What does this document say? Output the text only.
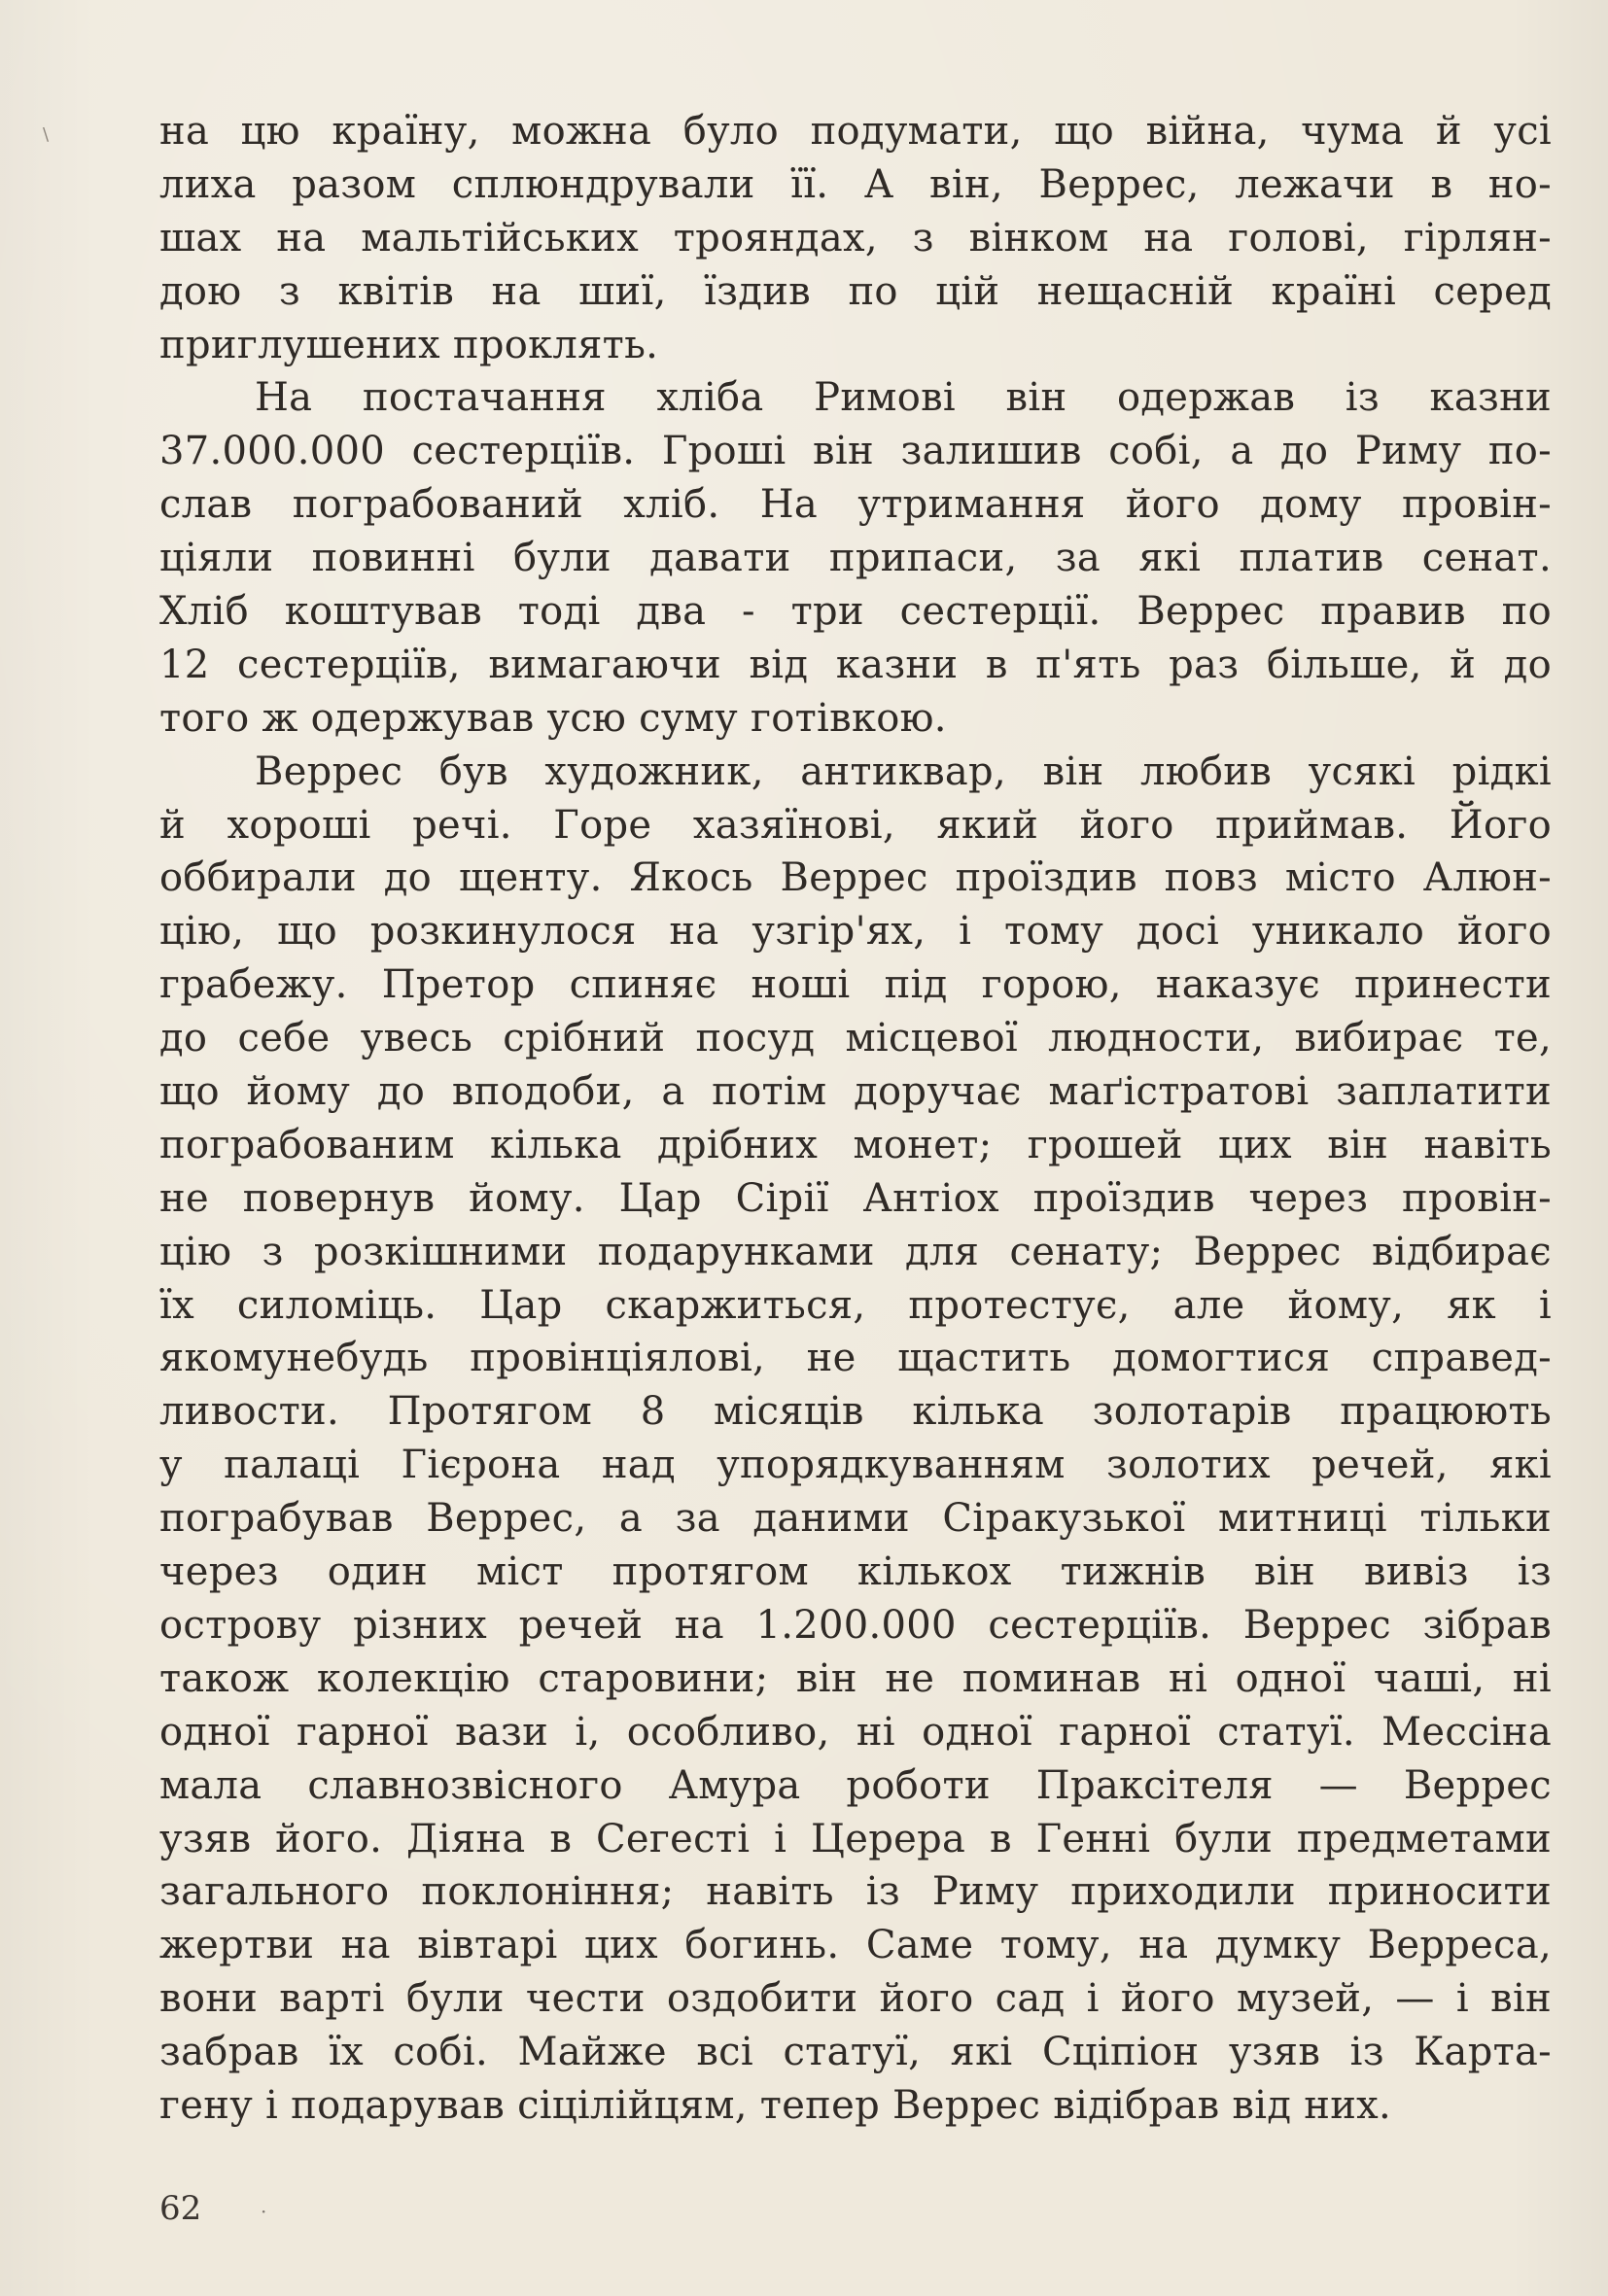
\	на цю країну, можна було подумати, що війна, чума й усі
лиха разом сплюндрували її. А він, Веррес, лежачи в но-
шах на мальтійських трояндах, з вінком на голові, гірлян-
дою з квітів на шиї, їздив по цій нещасній країні серед
приглушених проклять.
На постачання хліба Римові він одержав із казни
37.000.000 сестерціїв. Гроші він залишив собі, а до Риму по-
слав пограбований хліб. На утримання його дому провін-
ціяли повинні були давати припаси, за які платив сенат.
Хліб коштував тоді два - три сестерції. Веррес правив по
12 сестерціїв, вимагаючи від казни в п'ять раз більше, й до
того ж одержував усю суму готівкою.
Веррес був художник, антиквар, він любив усякі рідкі
й хороші речі. Горе хазяїнові, який його приймав. Його
оббирали до щенту. Якось Веррес проїздив повз місто Алюн-
цію, що розкинулося на узгір'ях, і тому досі уникало його
грабежу. Претор спиняє ноші під горою, наказує принести
до себе увесь срібний посуд місцевої людности, вибирає те,
що йому до вподоби, а потім доручає маґістратові заплатити
пограбованим кілька дрібних монет; грошей цих він навіть
не повернув йому. Цар Сірії Антіох проїздив через провін-
цію з розкішними подарунками для сенату; Веррес відбирає
їх силоміць. Цар скаржиться, протестує, але йому, як і
якомунебудь провінціялові, не щастить домогтися справед-
ливости. Протягом 8 місяців кілька золотарів працюють
у палаці Гієрона над упорядкуванням золотих речей, які
пограбував Веррес, а за даними Сіракузької митниці тільки
через один міст протягом кількох тижнів він вивіз із
острову різних речей на 1.200.000 сестерціїв. Веррес зібрав
також колекцію старовини; він не поминав ні одної чаші, ні
одної гарної вази і, особливо, ні одної гарної статуї. Мессіна
мала славнозвісного Амура роботи Праксітеля — Веррес
узяв його. Діяна в Сегесті і Церера в Генні були предметами
загального поклоніння; навіть із Риму приходили приносити
жертви на вівтарі цих богинь. Саме тому, на думку Верреса,
вони варті були чести оздобити його сад і його музей, — і він
забрав їх собі. Майже всі статуї, які Сціпіон узяв із Карта-
гену і подарував сіцілійцям, тепер Веррес відібрав від них.
62	·
